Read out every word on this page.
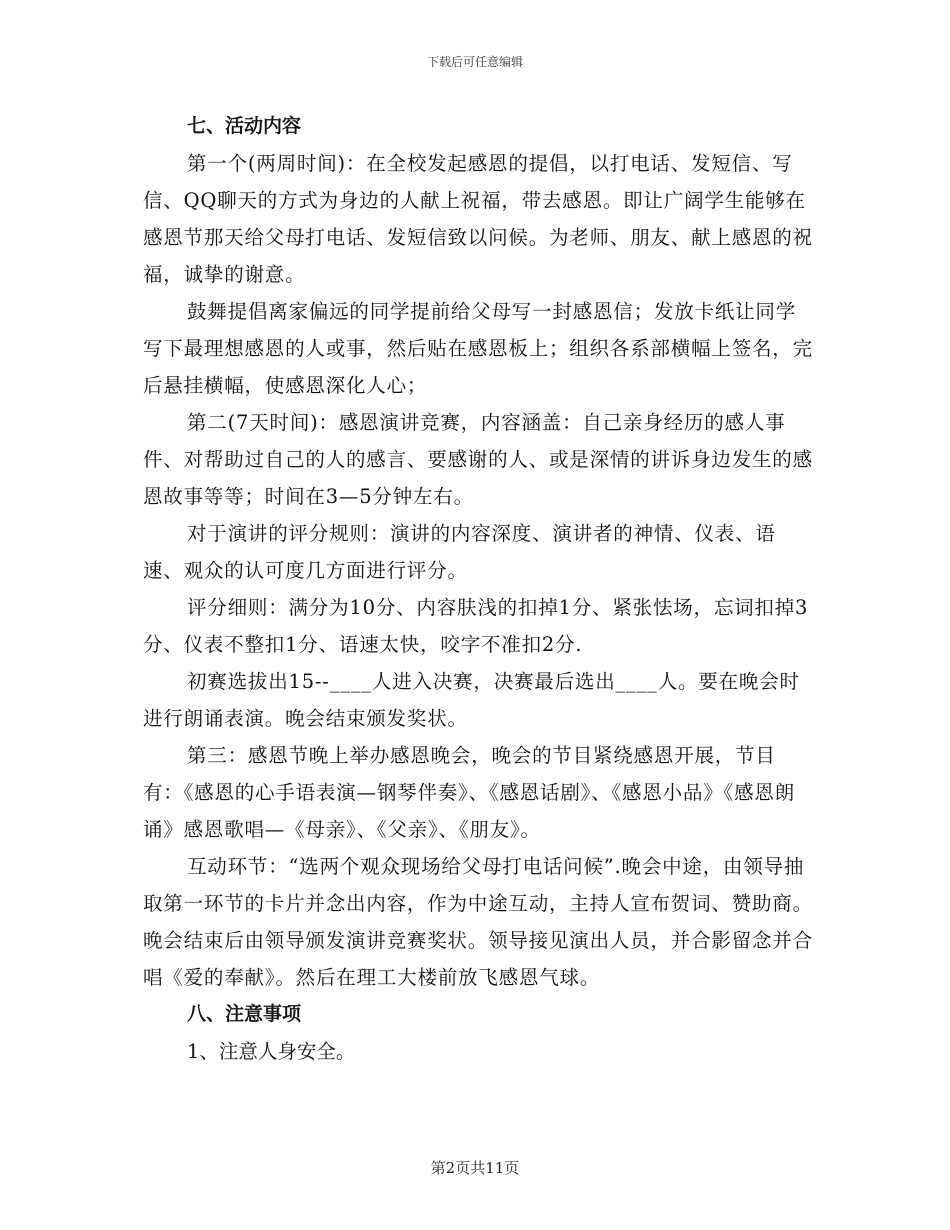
下载后可任意编辑

七、活动内容

第一个(两周时间)：在全校发起感恩的提倡，以打电话、发短信、写信、QQ聊天的方式为身边的人献上祝福，带去感恩。即让广阔学生能够在感恩节那天给父母打电话、发短信致以问候。为老师、朋友、献上感恩的祝福，诚挚的谢意。

鼓舞提倡离家偏远的同学提前给父母写一封感恩信；发放卡纸让同学写下最理想感恩的人或事，然后贴在感恩板上；组织各系部横幅上签名，完后悬挂横幅，使感恩深化人心；

第二(7天时间)：感恩演讲竞赛，内容涵盖：自己亲身经历的感人事件、对帮助过自己的人的感言、要感谢的人、或是深情的讲诉身边发生的感恩故事等等；时间在3—5分钟左右。

对于演讲的评分规则：演讲的内容深度、演讲者的神情、仪表、语速、观众的认可度几方面进行评分。

评分细则：满分为10分、内容肤浅的扣掉1分、紧张怯场，忘词扣掉3分、仪表不整扣1分、语速太快，咬字不准扣2分.

初赛选拔出15--____人进入决赛，决赛最后选出____人。要在晚会时进行朗诵表演。晚会结束颁发奖状。

第三：感恩节晚上举办感恩晚会，晚会的节目紧绕感恩开展，节目有：《感恩的心手语表演—钢琴伴奏》、《感恩话剧》、《感恩小品》《感恩朗诵》感恩歌唱—《母亲》、《父亲》、《朋友》。

互动环节：“选两个观众现场给父母打电话问候”.晚会中途，由领导抽取第一环节的卡片并念出内容，作为中途互动，主持人宣布贺词、赞助商。晚会结束后由领导颁发演讲竞赛奖状。领导接见演出人员，并合影留念并合唱《爱的奉献》。然后在理工大楼前放飞感恩气球。

八、注意事项

1、注意人身安全。

第2页共11页
